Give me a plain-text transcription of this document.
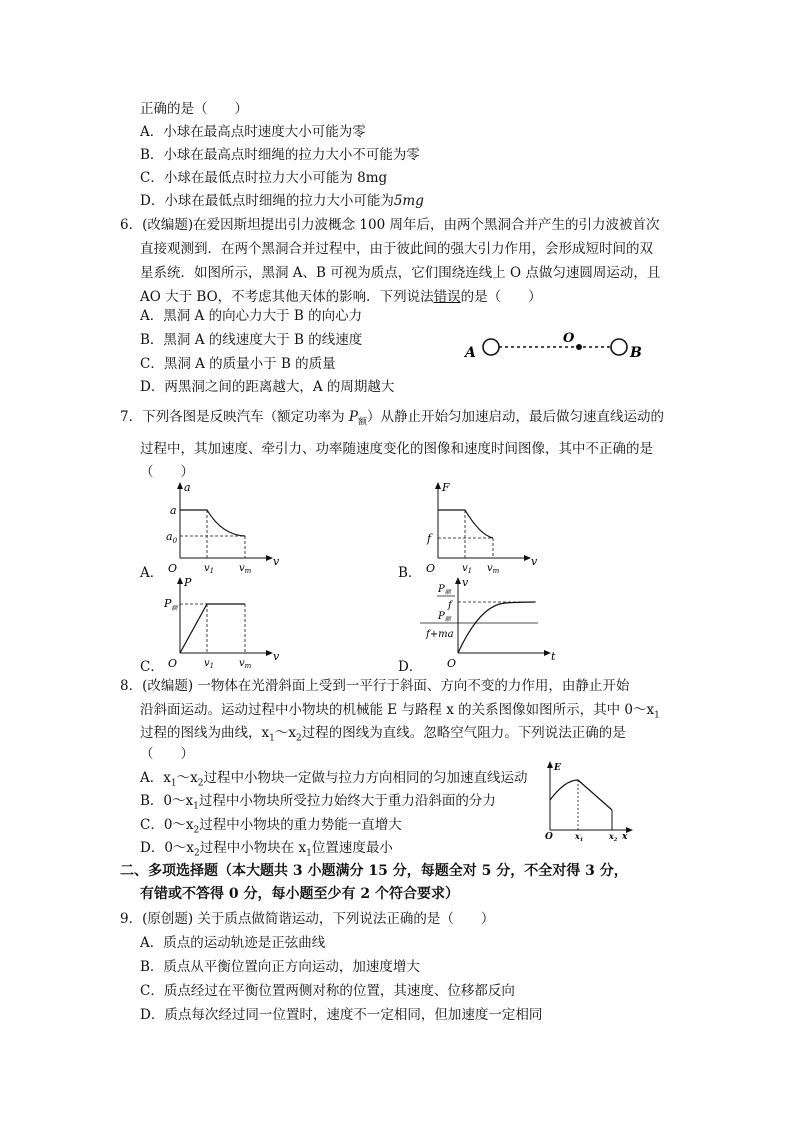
正确的是（　　）
A．小球在最高点时速度大小可能为零
B．小球在最高点时细绳的拉力大小不可能为零
C．小球在最低点时拉力大小可能为 8mg
D．小球在最低点时细绳的拉力大小可能为5mg
6．(改编题)在爱因斯坦提出引力波概念 100 周年后，由两个黑洞合并产生的引力波被首次
直接观测到．在两个黑洞合并过程中，由于彼此间的强大引力作用，会形成短时间的双
星系统．如图所示，黑洞 A、B 可视为质点，它们围绕连线上 O 点做匀速圆周运动，且
AO 大于 BO，不考虑其他天体的影响．下列说法错误的是（　　）
A．黑洞 A 的向心力大于 B 的向心力
B．黑洞 A 的线速度大于 B 的线速度
C．黑洞 A 的质量小于 B 的质量
D．两黑洞之间的距离越大，A 的周期越大
A
O
B
7．下列各图是反映汽车（额定功率为 $P_额$）从静止开始匀加速启动，最后做匀速直线运动的
过程中，其加速度、牵引力、功率随速度变化的图像和速度时间图像，其中不正确的是
（　　）
A．	B．
C．	D．
a
v
O
a
$a_0$
$v_1$ $v_m$
F
v
O
f
$v_1$ $v_m$
P
v
O
$P_额$
$v_1$ $v_m$
v
t
O
$P_额$
f
$P_额$
f+ma
8．(改编题) 一物体在光滑斜面上受到一平行于斜面、方向不变的力作用，由静止开始
沿斜面运动。运动过程中小物块的机械能 E 与路程 x 的关系图像如图所示，其中 $0\sim x_1$
过程的图线为曲线，$x_1\sim x_2$过程的图线为直线。忽略空气阻力。下列说法正确的是
（　　）
A．$x_1\sim x_2$过程中小物块一定做与拉力方向相同的匀加速直线运动
B．$0\sim x_1$过程中小物块所受拉力始终大于重力沿斜面的分力
C．$0\sim x_2$过程中小物块的重力势能一直增大
D．$0\sim x_2$过程中小物块在 $x_1$位置速度最小
E
x
O	$x_1$	$x_2$
二、多项选择题（本大题共 3 小题满分 15 分，每题全对 5 分，不全对得 3 分，
有错或不答得 0 分，每小题至少有 2 个符合要求）
9．(原创题) 关于质点做简谐运动，下列说法正确的是（　　）
A．质点的运动轨迹是正弦曲线
B．质点从平衡位置向正方向运动，加速度增大
C．质点经过在平衡位置两侧对称的位置，其速度、位移都反向
D．质点每次经过同一位置时，速度不一定相同，但加速度一定相同
